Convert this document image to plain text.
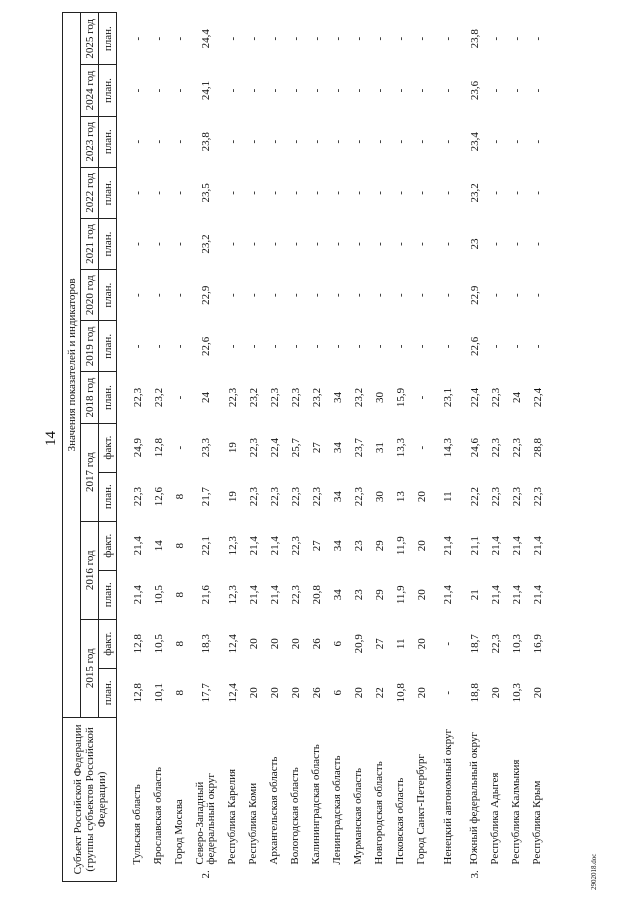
14
2902018.doc
Субъект Российской Федерации (группы субъектов Российской Федерации)		Значения показателей и индикаторов													
		2015 год		2016 год		2017 год		2018 год	2019 год	2020 год	2021 год	2022 год	2023 год	2024 год	2025 год
		план.	факт.	план.	факт.	план.	факт.	план.	план.	план.	план.	план.	план.	план.	план.

	Тульская область	12,8	12,8	21,4	21,4	22,3	24,9	22,3	-	-	-	-	-	-	-
	Ярославская область	10,1	10,5	10,5	14	12,6	12,8	23,2	-	-	-	-	-	-	-
	Город Москва	8	8	8	8	8	-	-	-	-	-	-	-	-	-
2.	Северо-Западный федеральный округ	17,7	18,3	21,6	22,1	21,7	23,3	24	22,6	22,9	23,2	23,5	23,8	24,1	24,4
	Республика Карелия	12,4	12,4	12,3	12,3	19	19	22,3	-	-	-	-	-	-	-
	Республика Коми	20	20	21,4	21,4	22,3	22,3	23,2	-	-	-	-	-	-	-
	Архангельская область	20	20	21,4	21,4	22,3	22,4	22,3	-	-	-	-	-	-	-
	Вологодская область	20	20	22,3	22,3	22,3	25,7	22,3	-	-	-	-	-	-	-
	Калининградская область	26	26	20,8	27	22,3	27	23,2	-	-	-	-	-	-	-
	Ленинградская область	6	6	34	34	34	34	34	-	-	-	-	-	-	-
	Мурманская область	20	20,9	23	23	22,3	23,7	23,2	-	-	-	-	-	-	-
	Новгородская область	22	27	29	29	30	31	30	-	-	-	-	-	-	-
	Псковская область	10,8	11	11,9	11,9	13	13,3	15,9	-	-	-	-	-	-	-
	Город Санкт-Петербург	20	20	20	20	20	-	-	-	-	-	-	-	-	-
	Ненецкий автономный округ	-	-	21,4	21,4	11	14,3	23,1	-	-	-	-	-	-	-
3.	Южный федеральный округ	18,8	18,7	21	21,1	22,2	24,6	22,4	22,6	22,9	23	23,2	23,4	23,6	23,8
	Республика Адыгея	20	22,3	21,4	21,4	22,3	22,3	22,3	-	-	-	-	-	-	-
	Республика Калмыкия	10,3	10,3	21,4	21,4	22,3	22,3	24	-	-	-	-	-	-	-
	Республика Крым	20	16,9	21,4	21,4	22,3	28,8	22,4	-	-	-	-	-	-	-
